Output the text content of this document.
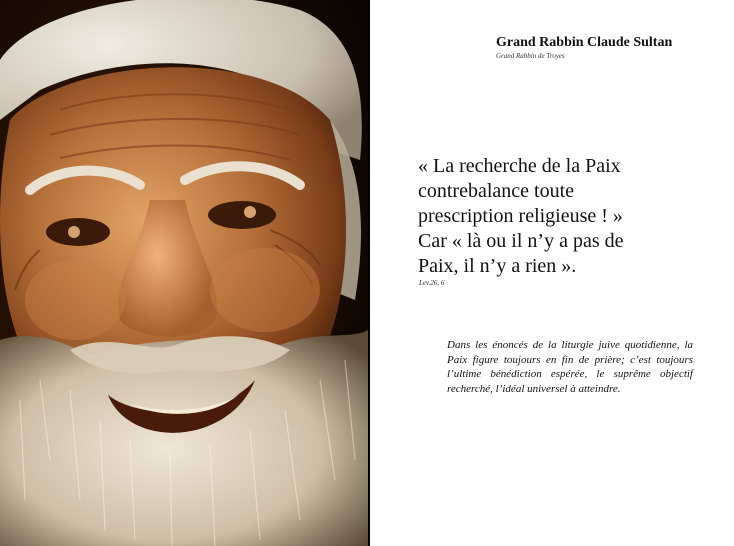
Grand Rabbin Claude Sultan
Grand Rabbin de Troyes
« La recherche de la Paix
contrebalance toute
prescription religieuse ! »
Car « là ou il n’y a pas de
Paix, il n’y a rien ».
Lev.26, 6
Dans les énoncés de la liturgie juive quotidienne, la Paix figure toujours en fin de prière; c’est toujours l’ultime bénédiction espérée, le suprême objectif recherché, l’idéal universel à atteindre.
